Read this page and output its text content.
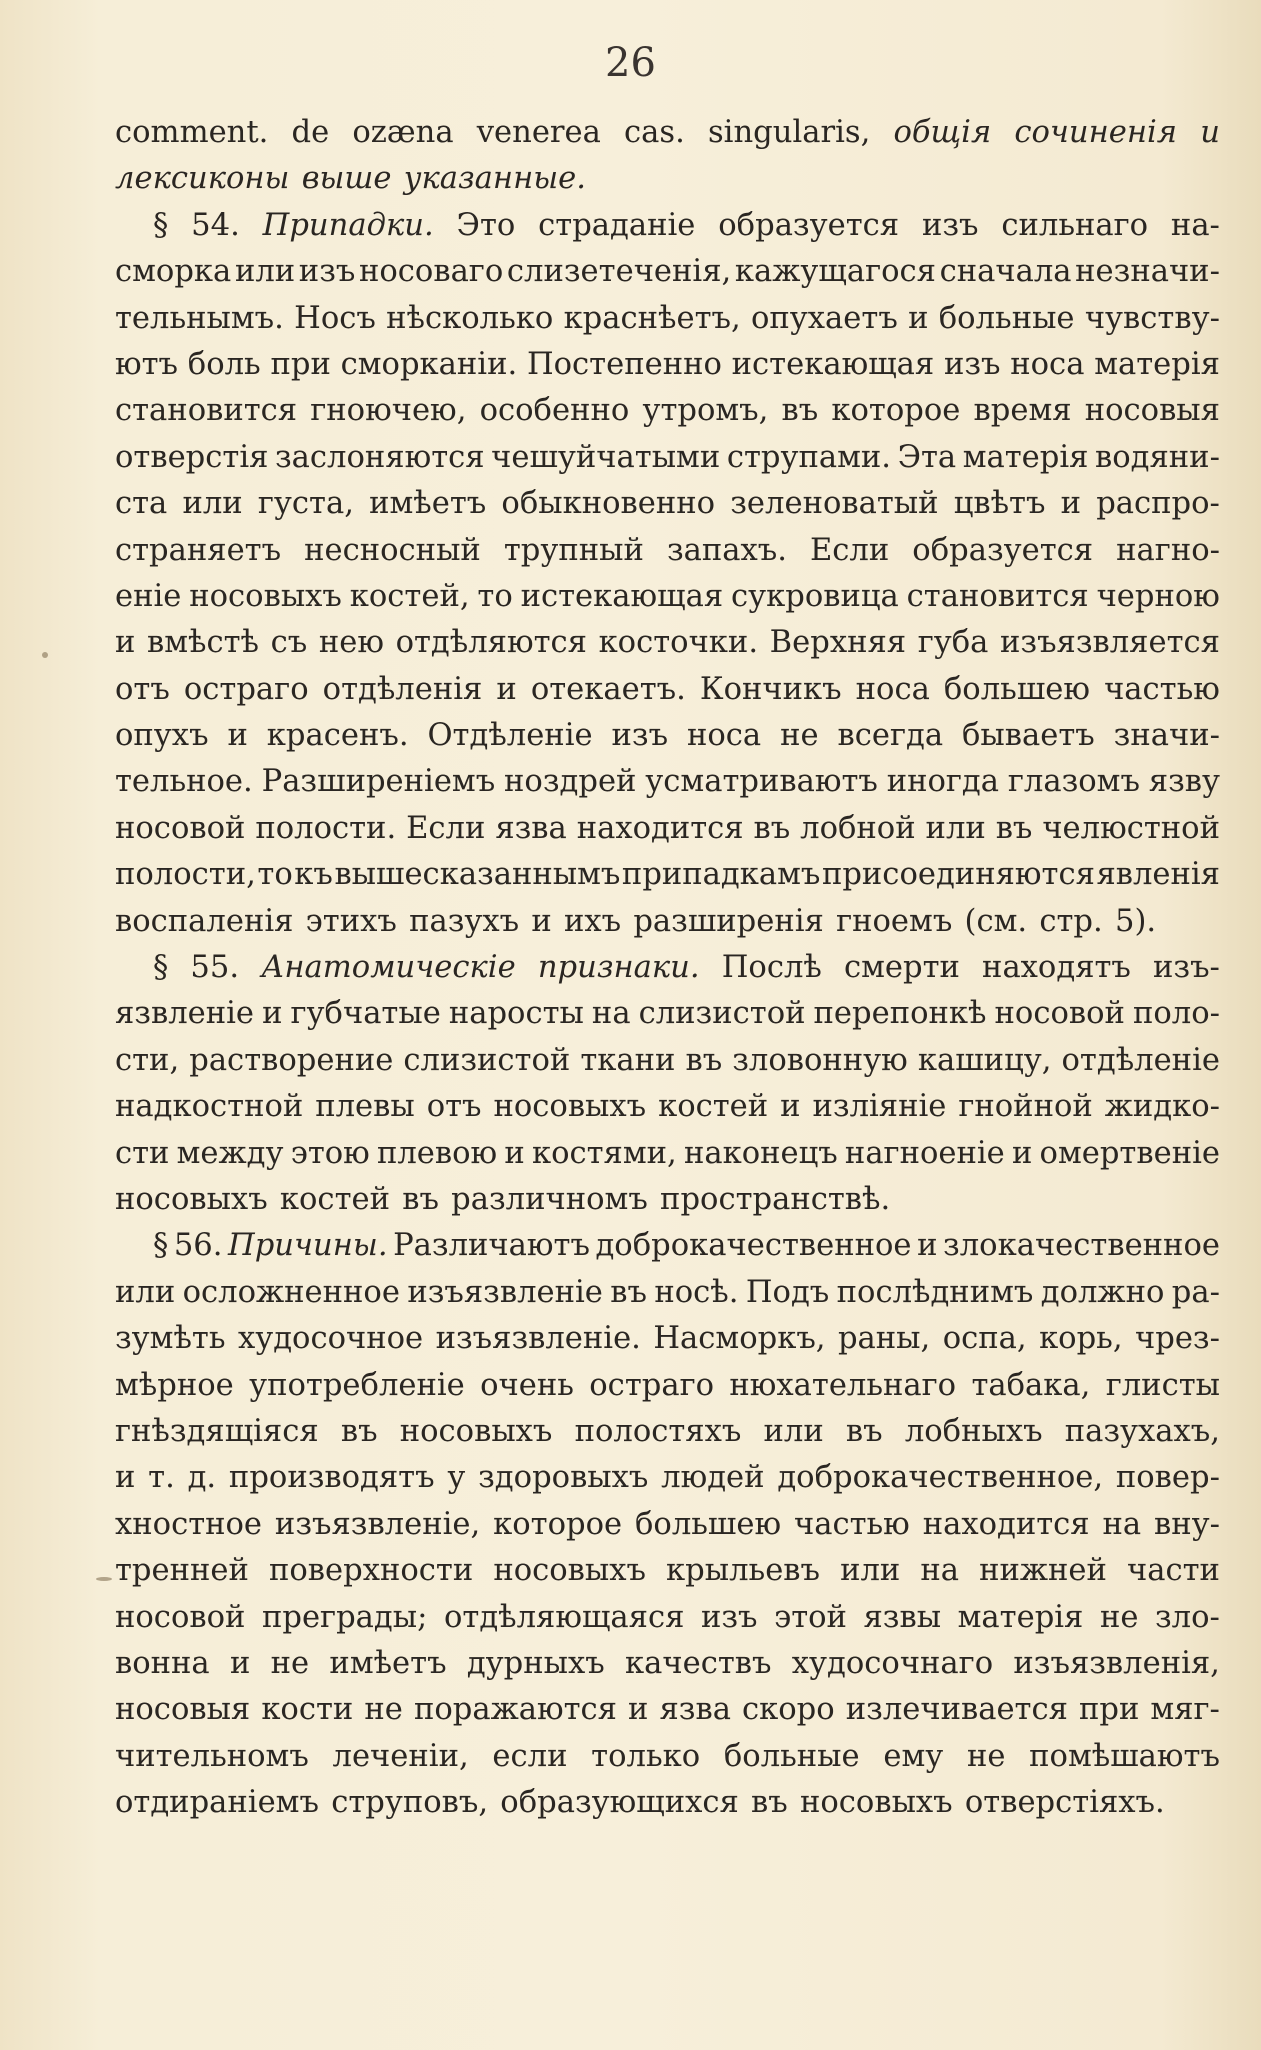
26
comment. de ozæna venerea cas. singularis, общія сочиненія и
лексиконы выше указанные.
§ 54. Припадки. Это страданіе образуется изъ сильнаго на-
сморка или изъ носоваго слизетеченія, кажущагося сначала незначи-
тельнымъ. Носъ нѣсколько краснѣетъ, опухаетъ и больные чувству-
ютъ боль при сморканіи. Постепенно истекающая изъ носа матерія
становится гноючею, особенно утромъ, въ которое время носовыя
отверстія заслоняются чешуйчатыми струпами. Эта матерія водяни-
ста или густа, имѣетъ обыкновенно зеленоватый цвѣтъ и распро-
страняетъ несносный трупный запахъ. Если образуется нагно-
еніе носовыхъ костей, то истекающая сукровица становится черною
и вмѣстѣ съ нею отдѣляются косточки. Верхняя губа изъязвляется
отъ остраго отдѣленія и отекаетъ. Кончикъ носа большею частью
опухъ и красенъ. Отдѣленіе изъ носа не всегда бываетъ значи-
тельное. Разширеніемъ ноздрей усматриваютъ иногда глазомъ язву
носовой полости. Если язва находится въ лобной или въ челюстной
полости, то къ вышесказаннымъ припадкамъ присоединяются явленія
воспаленія этихъ пазухъ и ихъ разширенія гноемъ (см. стр. 5).
§ 55. Анатомическіе признаки. Послѣ смерти находятъ изъ-
язвленіе и губчатые наросты на слизистой перепонкѣ носовой поло-
сти, растворение слизистой ткани въ зловонную кашицу, отдѣленіе
надкостной плевы отъ носовыхъ костей и изліяніе гнойной жидко-
сти между этою плевою и костями, наконецъ нагноеніе и омертвеніе
носовыхъ костей въ различномъ пространствѣ.
§ 56. Причины. Различаютъ доброкачественное и злокачественное
или осложненное изъязвленіе въ носѣ. Подъ послѣднимъ должно ра-
зумѣть худосочное изъязвленіе. Насморкъ, раны, оспа, корь, чрез-
мѣрное употребленіе очень остраго нюхательнаго табака, глисты
гнѣздящіяся въ носовыхъ полостяхъ или въ лобныхъ пазухахъ,
и т. д. производятъ у здоровыхъ людей доброкачественное, повер-
хностное изъязвленіе, которое большею частью находится на вну-
тренней поверхности носовыхъ крыльевъ или на нижней части
носовой преграды; отдѣляющаяся изъ этой язвы матерія не зло-
вонна и не имѣетъ дурныхъ качествъ худосочнаго изъязвленія,
носовыя кости не поражаются и язва скоро излечивается при мяг-
чительномъ леченіи, если только больные ему не помѣшаютъ
отдираніемъ струповъ, образующихся въ носовыхъ отверстіяхъ.
